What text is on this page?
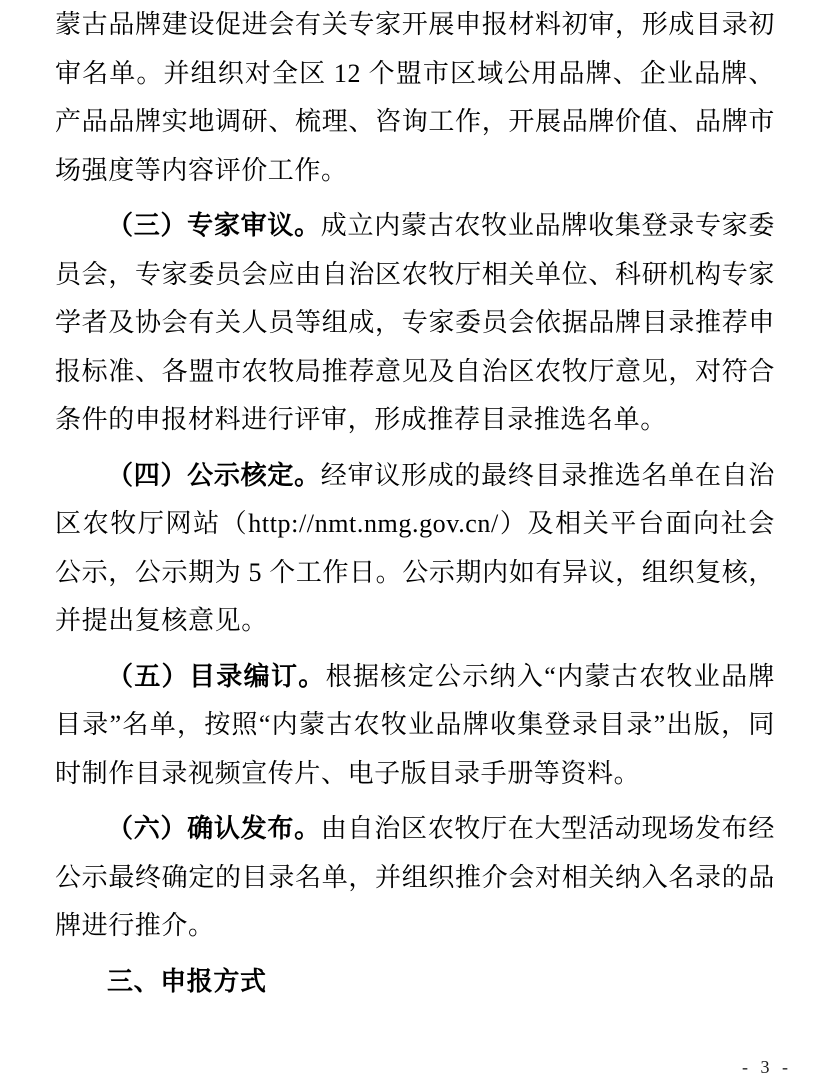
蒙古品牌建设促进会有关专家开展申报材料初审，形成目录初审名单。并组织对全区 12 个盟市区域公用品牌、企业品牌、产品品牌实地调研、梳理、咨询工作，开展品牌价值、品牌市场强度等内容评价工作。

（三）专家审议。成立内蒙古农牧业品牌收集登录专家委员会，专家委员会应由自治区农牧厅相关单位、科研机构专家学者及协会有关人员等组成，专家委员会依据品牌目录推荐申报标准、各盟市农牧局推荐意见及自治区农牧厅意见，对符合条件的申报材料进行评审，形成推荐目录推选名单。

（四）公示核定。经审议形成的最终目录推选名单在自治区农牧厅网站（http://nmt.nmg.gov.cn/）及相关平台面向社会公示，公示期为 5 个工作日。公示期内如有异议，组织复核，并提出复核意见。

（五）目录编订。根据核定公示纳入“内蒙古农牧业品牌目录”名单，按照“内蒙古农牧业品牌收集登录目录”出版，同时制作目录视频宣传片、电子版目录手册等资料。

（六）确认发布。由自治区农牧厅在大型活动现场发布经公示最终确定的目录名单，并组织推介会对相关纳入名录的品牌进行推介。

三、申报方式

- 3 -
